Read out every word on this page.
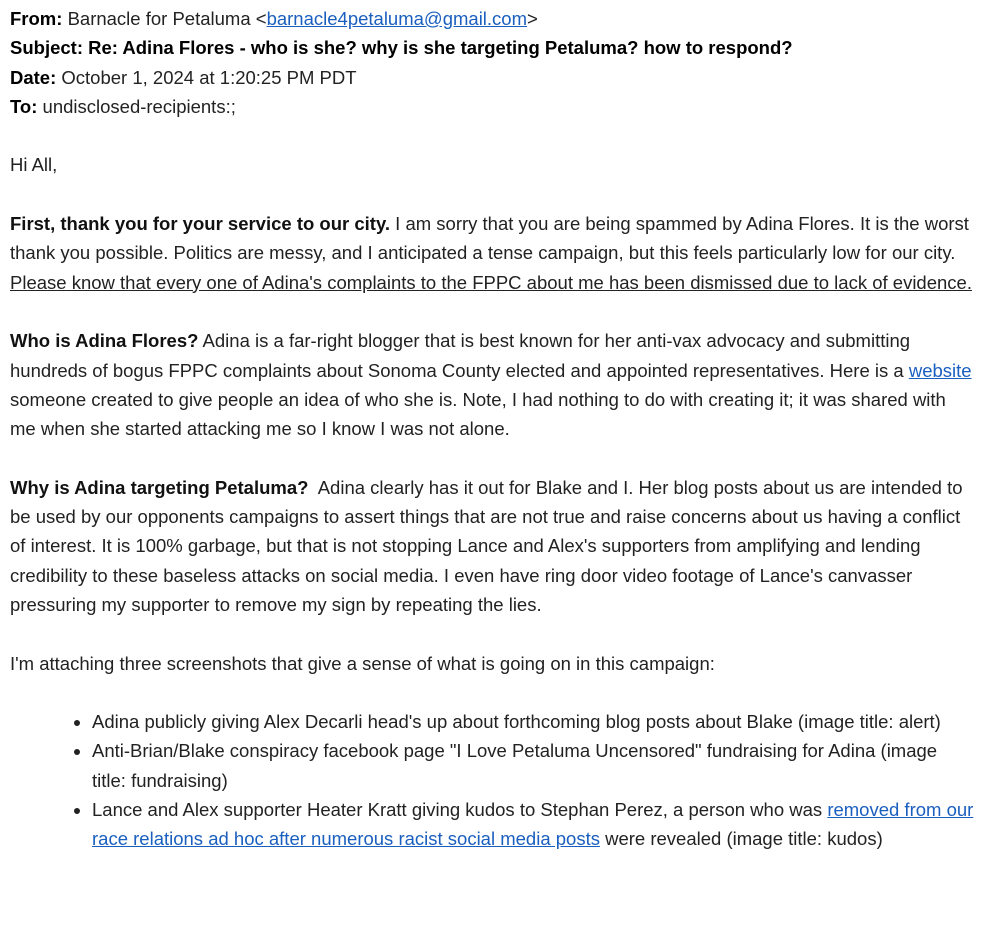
From: Barnacle for Petaluma <barnacle4petaluma@gmail.com>
Subject: Re: Adina Flores - who is she? why is she targeting Petaluma? how to respond?
Date: October 1, 2024 at 1:20:25 PM PDT
To: undisclosed-recipients:;

Hi All,

First, thank you for your service to our city. I am sorry that you are being spammed by Adina Flores. It is the worst thank you possible. Politics are messy, and I anticipated a tense campaign, but this feels particularly low for our city. Please know that every one of Adina's complaints to the FPPC about me has been dismissed due to lack of evidence.

Who is Adina Flores? Adina is a far-right blogger that is best known for her anti-vax advocacy and submitting hundreds of bogus FPPC complaints about Sonoma County elected and appointed representatives. Here is a website someone created to give people an idea of who she is. Note, I had nothing to do with creating it; it was shared with me when she started attacking me so I know I was not alone.

Why is Adina targeting Petaluma?  Adina clearly has it out for Blake and I. Her blog posts about us are intended to be used by our opponents campaigns to assert things that are not true and raise concerns about us having a conflict of interest. It is 100% garbage, but that is not stopping Lance and Alex's supporters from amplifying and lending credibility to these baseless attacks on social media. I even have ring door video footage of Lance's canvasser pressuring my supporter to remove my sign by repeating the lies.

I'm attaching three screenshots that give a sense of what is going on in this campaign:

• Adina publicly giving Alex Decarli head's up about forthcoming blog posts about Blake (image title: alert)
• Anti-Brian/Blake conspiracy facebook page "I Love Petaluma Uncensored" fundraising for Adina (image title: fundraising)
• Lance and Alex supporter Heater Kratt giving kudos to Stephan Perez, a person who was removed from our race relations ad hoc after numerous racist social media posts were revealed (image title: kudos)
